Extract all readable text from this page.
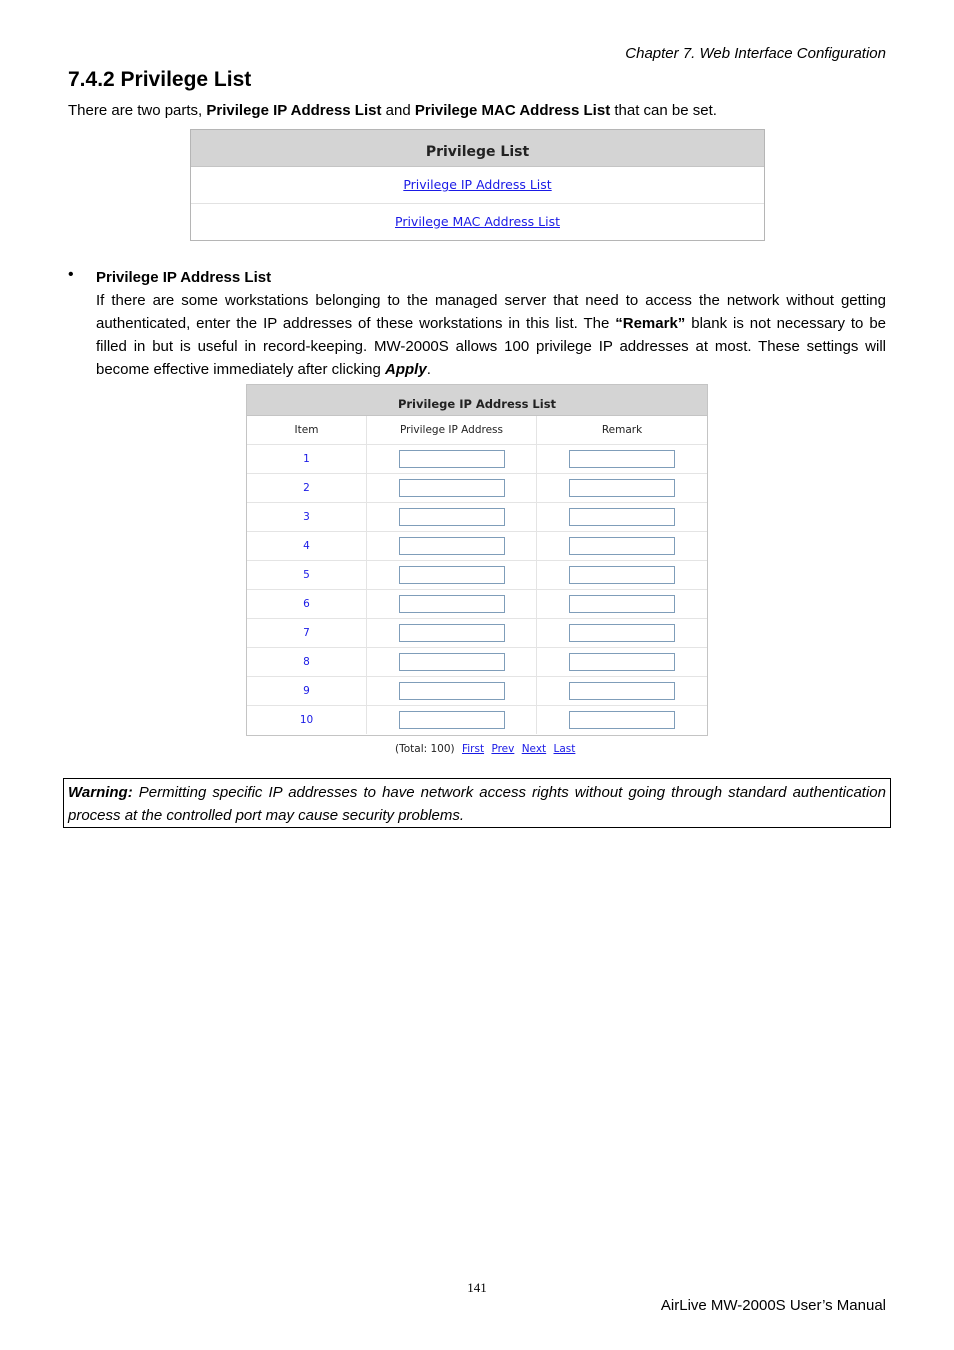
Chapter 7. Web Interface Configuration
7.4.2 Privilege List
There are two parts, Privilege IP Address List and Privilege MAC Address List that can be set.
Privilege List
Privilege IP Address List
Privilege MAC Address List
• Privilege IP Address List

If there are some workstations belonging to the managed server that need to access the network without getting authenticated, enter the IP addresses of these workstations in this list. The “Remark” blank is not necessary to be filled in but is useful in record-keeping. MW-2000S allows 100 privilege IP addresses at most. These settings will become effective immediately after clicking Apply.

Privilege IP Address List
Item	Privilege IP Address	Remark
1
2
3
4
5
6
7
8
9
10
(Total: 100) First Prev Next Last

Warning: Permitting specific IP addresses to have network access rights without going through standard authentication process at the controlled port may cause security problems.

141
AirLive MW-2000S User’s Manual
